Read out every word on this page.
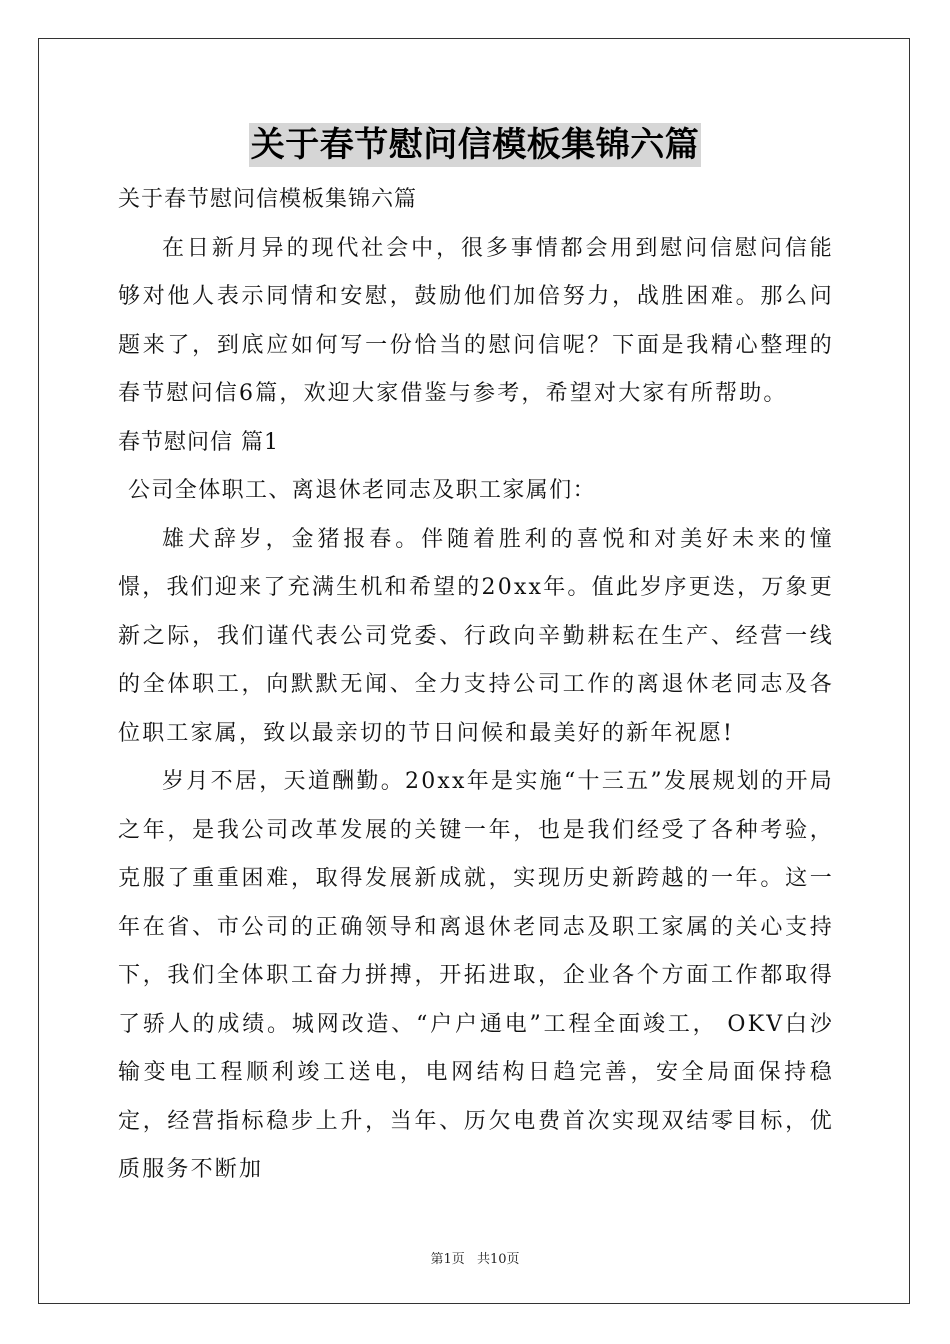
关于春节慰问信模板集锦六篇

关于春节慰问信模板集锦六篇

在日新月异的现代社会中，很多事情都会用到慰问信慰问信能够对他人表示同情和安慰，鼓励他们加倍努力，战胜困难。那么问题来了，到底应如何写一份恰当的慰问信呢？下面是我精心整理的春节慰问信6篇，欢迎大家借鉴与参考，希望对大家有所帮助。

春节慰问信 篇1

公司全体职工、离退休老同志及职工家属们：

雄犬辞岁，金猪报春。伴随着胜利的喜悦和对美好未来的憧憬，我们迎来了充满生机和希望的20xx年。值此岁序更迭，万象更新之际，我们谨代表公司党委、行政向辛勤耕耘在生产、经营一线的全体职工，向默默无闻、全力支持公司工作的离退休老同志及各位职工家属，致以最亲切的节日问候和最美好的新年祝愿!

岁月不居，天道酬勤。20xx年是实施“十三五”发展规划的开局之年，是我公司改革发展的关键一年，也是我们经受了各种考验，克服了重重困难，取得发展新成就，实现历史新跨越的一年。这一年在省、市公司的正确领导和离退休老同志及职工家属的关心支持下，我们全体职工奋力拼搏，开拓进取，企业各个方面工作都取得了骄人的成绩。城网改造、“户户通电”工程全面竣工， OKV白沙输变电工程顺利竣工送电，电网结构日趋完善，安全局面保持稳定，经营指标稳步上升，当年、历欠电费首次实现双结零目标，优质服务不断加

第1页 共10页
